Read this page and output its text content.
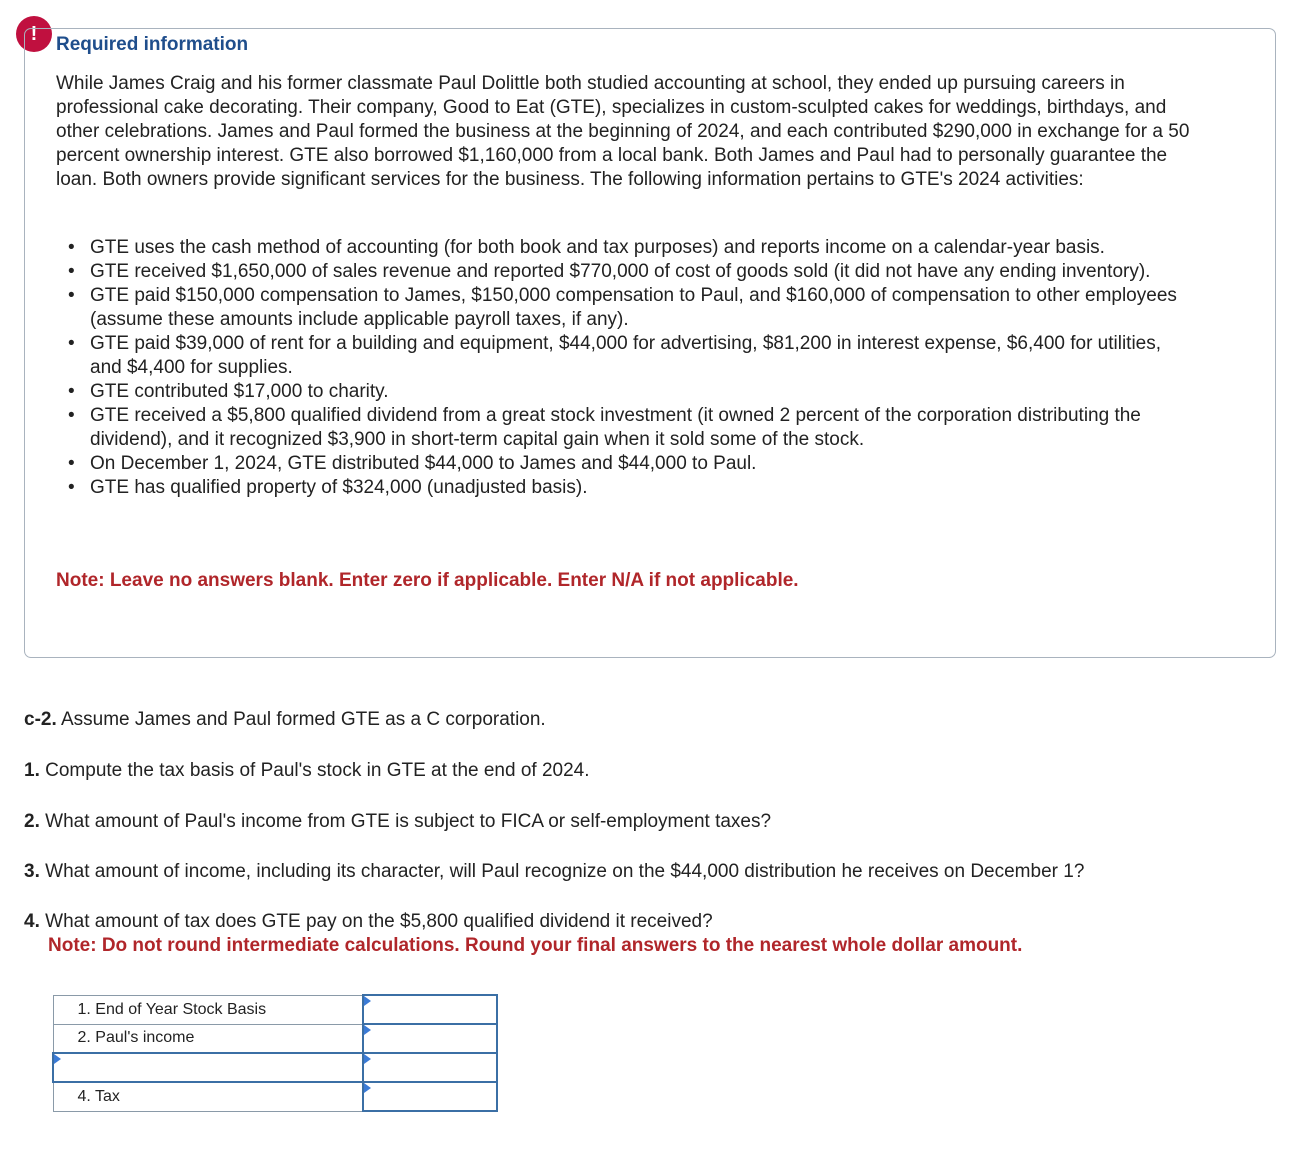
! Required information

While James Craig and his former classmate Paul Dolittle both studied accounting at school, they ended up pursuing careers in professional cake decorating. Their company, Good to Eat (GTE), specializes in custom-sculpted cakes for weddings, birthdays, and other celebrations. James and Paul formed the business at the beginning of 2024, and each contributed $290,000 in exchange for a 50 percent ownership interest. GTE also borrowed $1,160,000 from a local bank. Both James and Paul had to personally guarantee the loan. Both owners provide significant services for the business. The following information pertains to GTE's 2024 activities:

• GTE uses the cash method of accounting (for both book and tax purposes) and reports income on a calendar-year basis.
• GTE received $1,650,000 of sales revenue and reported $770,000 of cost of goods sold (it did not have any ending inventory).
• GTE paid $150,000 compensation to James, $150,000 compensation to Paul, and $160,000 of compensation to other employees (assume these amounts include applicable payroll taxes, if any).
• GTE paid $39,000 of rent for a building and equipment, $44,000 for advertising, $81,200 in interest expense, $6,400 for utilities, and $4,400 for supplies.
• GTE contributed $17,000 to charity.
• GTE received a $5,800 qualified dividend from a great stock investment (it owned 2 percent of the corporation distributing the dividend), and it recognized $3,900 in short-term capital gain when it sold some of the stock.
• On December 1, 2024, GTE distributed $44,000 to James and $44,000 to Paul.
• GTE has qualified property of $324,000 (unadjusted basis).

Note: Leave no answers blank. Enter zero if applicable. Enter N/A if not applicable.

c-2. Assume James and Paul formed GTE as a C corporation.

1. Compute the tax basis of Paul's stock in GTE at the end of 2024.

2. What amount of Paul's income from GTE is subject to FICA or self-employment taxes?

3. What amount of income, including its character, will Paul recognize on the $44,000 distribution he receives on December 1?

4. What amount of tax does GTE pay on the $5,800 qualified dividend it received?

Note: Do not round intermediate calculations. Round your final answers to the nearest whole dollar amount.

1. End of Year Stock Basis	

2. Paul's income	

4. Tax	
